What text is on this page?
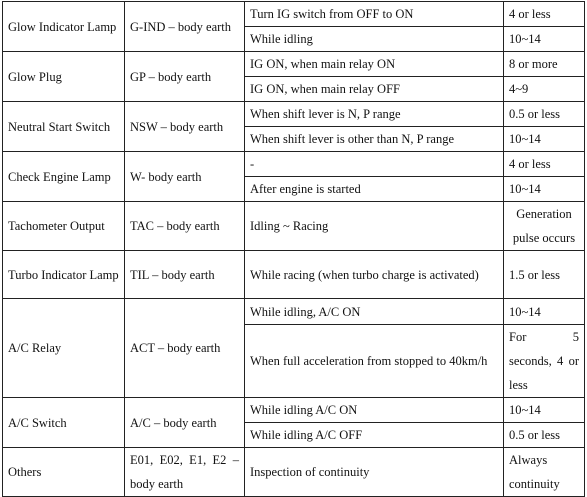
Glow Indicator Lamp	G-IND – body earth	Turn IG switch from OFF to ON	4 or less
		While idling	10~14
Glow Plug	GP – body earth	IG ON, when main relay ON	8 or more
		IG ON, when main relay OFF	4~9
Neutral Start Switch	NSW – body earth	When shift lever is N, P range	0.5 or less
		When shift lever is other than N, P range	10~14
Check Engine Lamp	W- body earth	-	4 or less
		After engine is started	10~14
Tachometer Output	TAC – body earth	Idling ~ Racing	Generation pulse occurs
Turbo Indicator Lamp	TIL – body earth	While racing (when turbo charge is activated)	1.5 or less
A/C Relay	ACT – body earth	While idling, A/C ON	10~14
		When full acceleration from stopped to 40km/h	For 5 seconds, 4 or less
A/C Switch	A/C – body earth	While idling A/C ON	10~14
		While idling A/C OFF	0.5 or less
Others	E01, E02, E1, E2 – body earth	Inspection of continuity	Always continuity
